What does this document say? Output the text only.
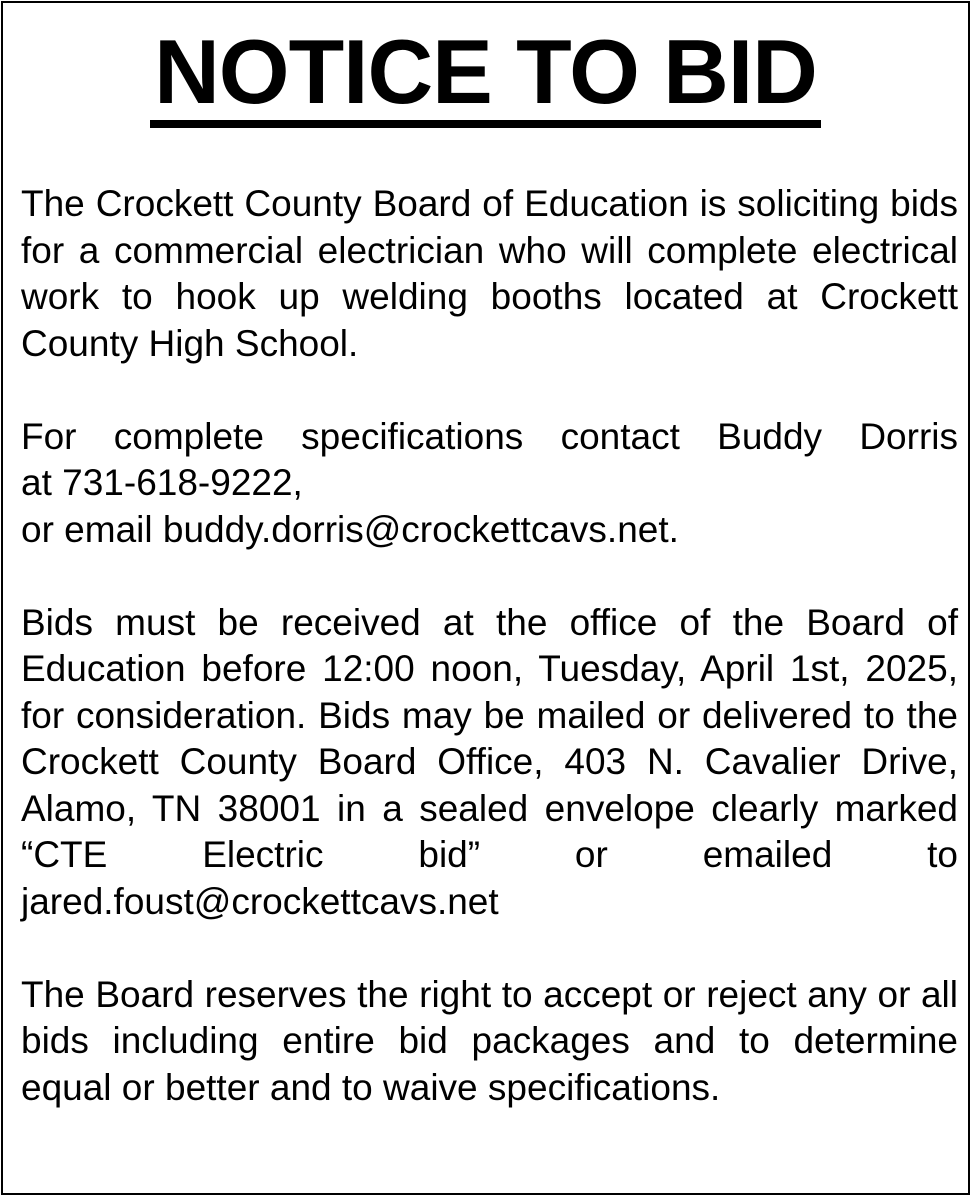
NOTICE TO BID

The Crockett County Board of Education is soliciting bids for a commercial electrician who will complete electrical work to hook up welding booths located at Crockett County High School.

For complete specifications contact Buddy Dorris
at 731-618-9222,
or email buddy.dorris@crockettcavs.net.

Bids must be received at the office of the Board of Education before 12:00 noon, Tuesday, April 1st, 2025, for consideration. Bids may be mailed or delivered to the Crockett County Board Office, 403 N. Cavalier Drive, Alamo, TN 38001 in a sealed envelope clearly marked “CTE Electric bid” or emailed to jared.foust@crockettcavs.net

The Board reserves the right to accept or reject any or all bids including entire bid packages and to determine equal or better and to waive specifications.
